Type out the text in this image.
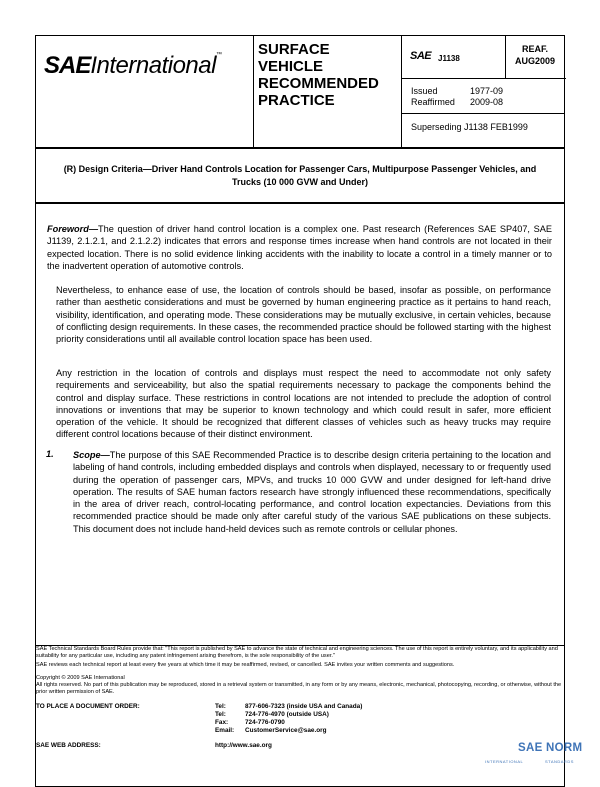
SAEInternational™ SURFACE VEHICLE RECOMMENDED PRACTICE
SAE J1138
REAF.
AUG2009
Issued	1977-09
Reaffirmed 2009-08
Superseding J1138 FEB1999
(R) Design Criteria—Driver Hand Controls Location for Passenger Cars, Multipurpose Passenger Vehicles, and Trucks (10 000 GVW and Under)
Foreword—The question of driver hand control location is a complex one. Past research (References SAE SP407, SAE J1139, 2.1.2.1, and 2.1.2.2) indicates that errors and response times increase when hand controls are not located in their expected location. There is no solid evidence linking accidents with the inability to locate a control in a timely manner or to the inadvertent operation of automotive controls.
Nevertheless, to enhance ease of use, the location of controls should be based, insofar as possible, on performance rather than aesthetic considerations and must be governed by human engineering practice as it pertains to hand reach, visibility, identification, and operating mode. These considerations may be mutually exclusive, in certain vehicles, because of conflicting design requirements. In these cases, the recommended practice should be followed starting with the highest priority considerations until all available control location space has been used.
Any restriction in the location of controls and displays must respect the need to accommodate not only safety requirements and serviceability, but also the spatial requirements necessary to package the components behind the control and display surface. These restrictions in control locations are not intended to preclude the adoption of control innovations or inventions that may be superior to known technology and which could result in safer, more efficient operation of the vehicle. It should be recognized that different classes of vehicles such as heavy trucks may require different control locations because of their distinct environment.
1. Scope—The purpose of this SAE Recommended Practice is to describe design criteria pertaining to the location and labeling of hand controls, including embedded displays and controls when displayed, necessary to or frequently used during the operation of passenger cars, MPVs, and trucks 10 000 GVW and under designed for left-hand drive operation. The results of SAE human factors research have strongly influenced these recommendations, specifically in the area of driver reach, control-locating performance, and control location expectancies. Deviations from this recommended practice should be made only after careful study of the various SAE publications on these subjects. This document does not include hand-held devices such as remote controls or cellular phones.
SAE Technical Standards Board Rules provide that: "This report is published by SAE to advance the state of technical and engineering sciences. The use of this report is entirely voluntary, and its applicability and suitability for any particular use, including any patent infringement arising therefrom, is the sole responsibility of the user."
SAE reviews each technical report at least every five years at which time it may be reaffirmed, revised, or cancelled. SAE invites your written comments and suggestions.
Copyright © 2009 SAE International
All rights reserved. No part of this publication may be reproduced, stored in a retrieval system or transmitted, in any form or by any means, electronic, mechanical, photocopying, recording, or otherwise, without the prior written permission of SAE.
TO PLACE A DOCUMENT ORDER:	Tel:	877-606-7323 (inside USA and Canada)
Tel:	724-776-4970 (outside USA)
Fax:	724-776-0790
Email: CustomerService@sae.org
SAE WEB ADDRESS:	http://www.sae.org	SAE NORM
INTERNATIONAL	STANDARDS
